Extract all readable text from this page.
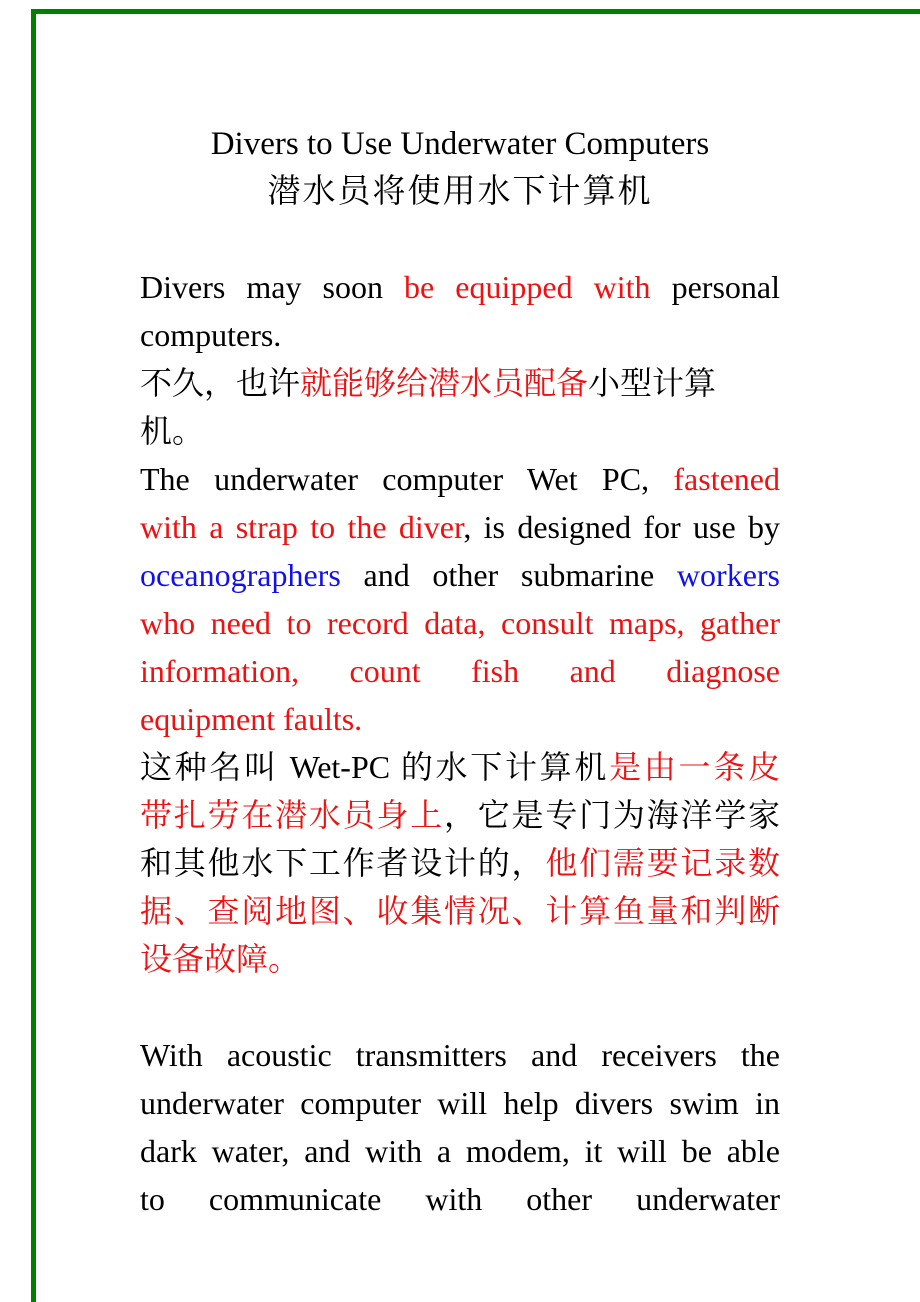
Divers to Use Underwater Computers
潜水员将使用水下计算机
Divers may soon be equipped with personal
computers.
不久，也许就能够给潜水员配备小型计算机。
The underwater computer Wet PC, fastened
with a strap to the diver, is designed for use by
oceanographers and other submarine workers
who need to record data, consult maps, gather
information, count fish and diagnose
equipment faults.
这种名叫 Wet-PC 的水下计算机是由一条皮
带扎劳在潜水员身上，它是专门为海洋学家
和其他水下工作者设计的，他们需要记录数
据、查阅地图、收集情况、计算鱼量和判断
设备故障。
With acoustic transmitters and receivers the
underwater computer will help divers swim in
dark water, and with a modem, it will be able
to communicate with other underwater
